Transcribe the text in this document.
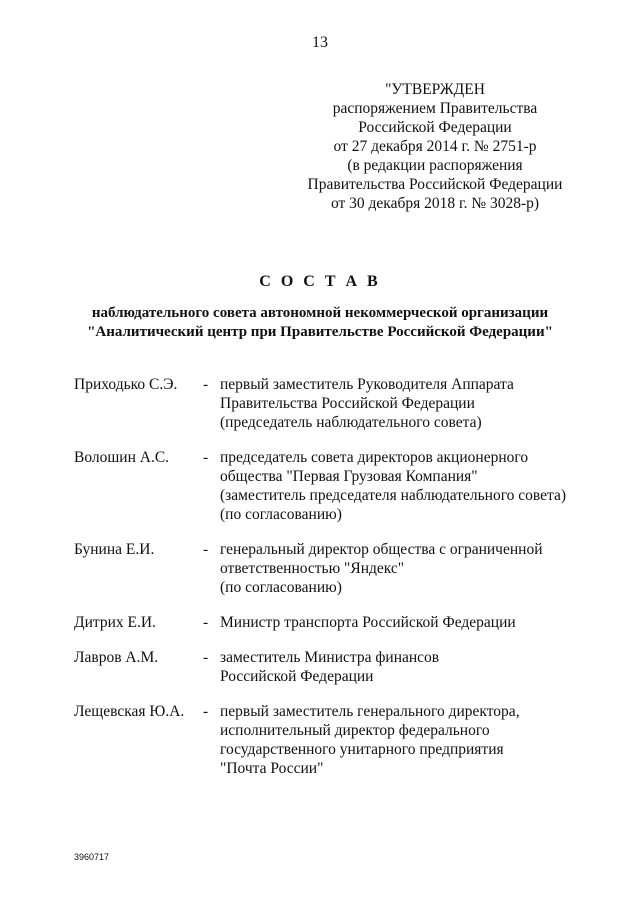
13
"УТВЕРЖДЕН
распоряжением Правительства
Российской Федерации
от 27 декабря 2014 г. № 2751-р
(в редакции распоряжения
Правительства Российской Федерации
от 30 декабря 2018 г. № 3028-р)
С О С Т А В
наблюдательного совета автономной некоммерческой организации
"Аналитический центр при Правительстве Российской Федерации"
Приходько С.Э. - первый заместитель Руководителя Аппарата
Правительства Российской Федерации
(председатель наблюдательного совета)
Волошин А.С. - председатель совета директоров акционерного
общества "Первая Грузовая Компания"
(заместитель председателя наблюдательного совета)
(по согласованию)
Бунина Е.И.	- генеральный директор общества с ограниченной
ответственностью "Яндекс"
(по согласованию)
Дитрих Е.И.	- Министр транспорта Российской Федерации
Лавров А.М.	- заместитель Министра финансов
Российской Федерации
Лещевская Ю.А. - первый заместитель генерального директора,
исполнительный директор федерального
государственного унитарного предприятия
"Почта России"
3960717
